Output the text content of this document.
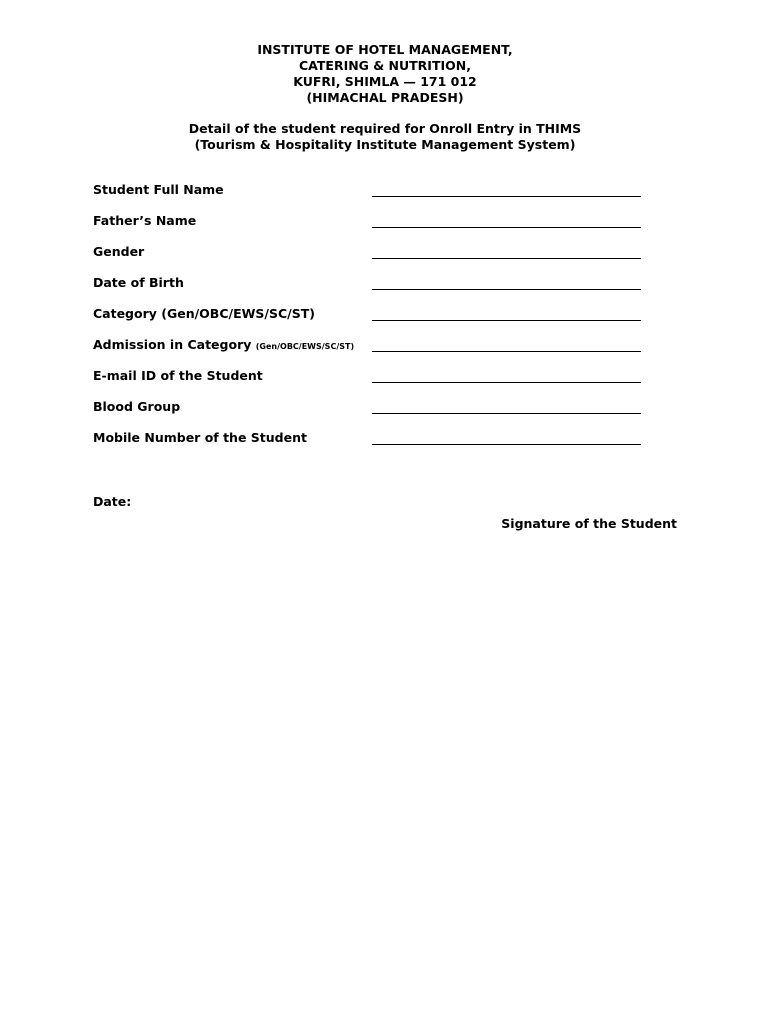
INSTITUTE OF HOTEL MANAGEMENT,
CATERING & NUTRITION,
KUFRI, SHIMLA — 171 012
(HIMACHAL PRADESH)
Detail of the student required for Onroll Entry in THIMS
(Tourism & Hospitality Institute Management System)
Student Full Name
Father’s Name
Gender
Date of Birth
Category (Gen/OBC/EWS/SC/ST)
Admission in Category (Gen/OBC/EWS/SC/ST)
E-mail ID of the Student
Blood Group
Mobile Number of the Student
Date:
Signature of the Student
